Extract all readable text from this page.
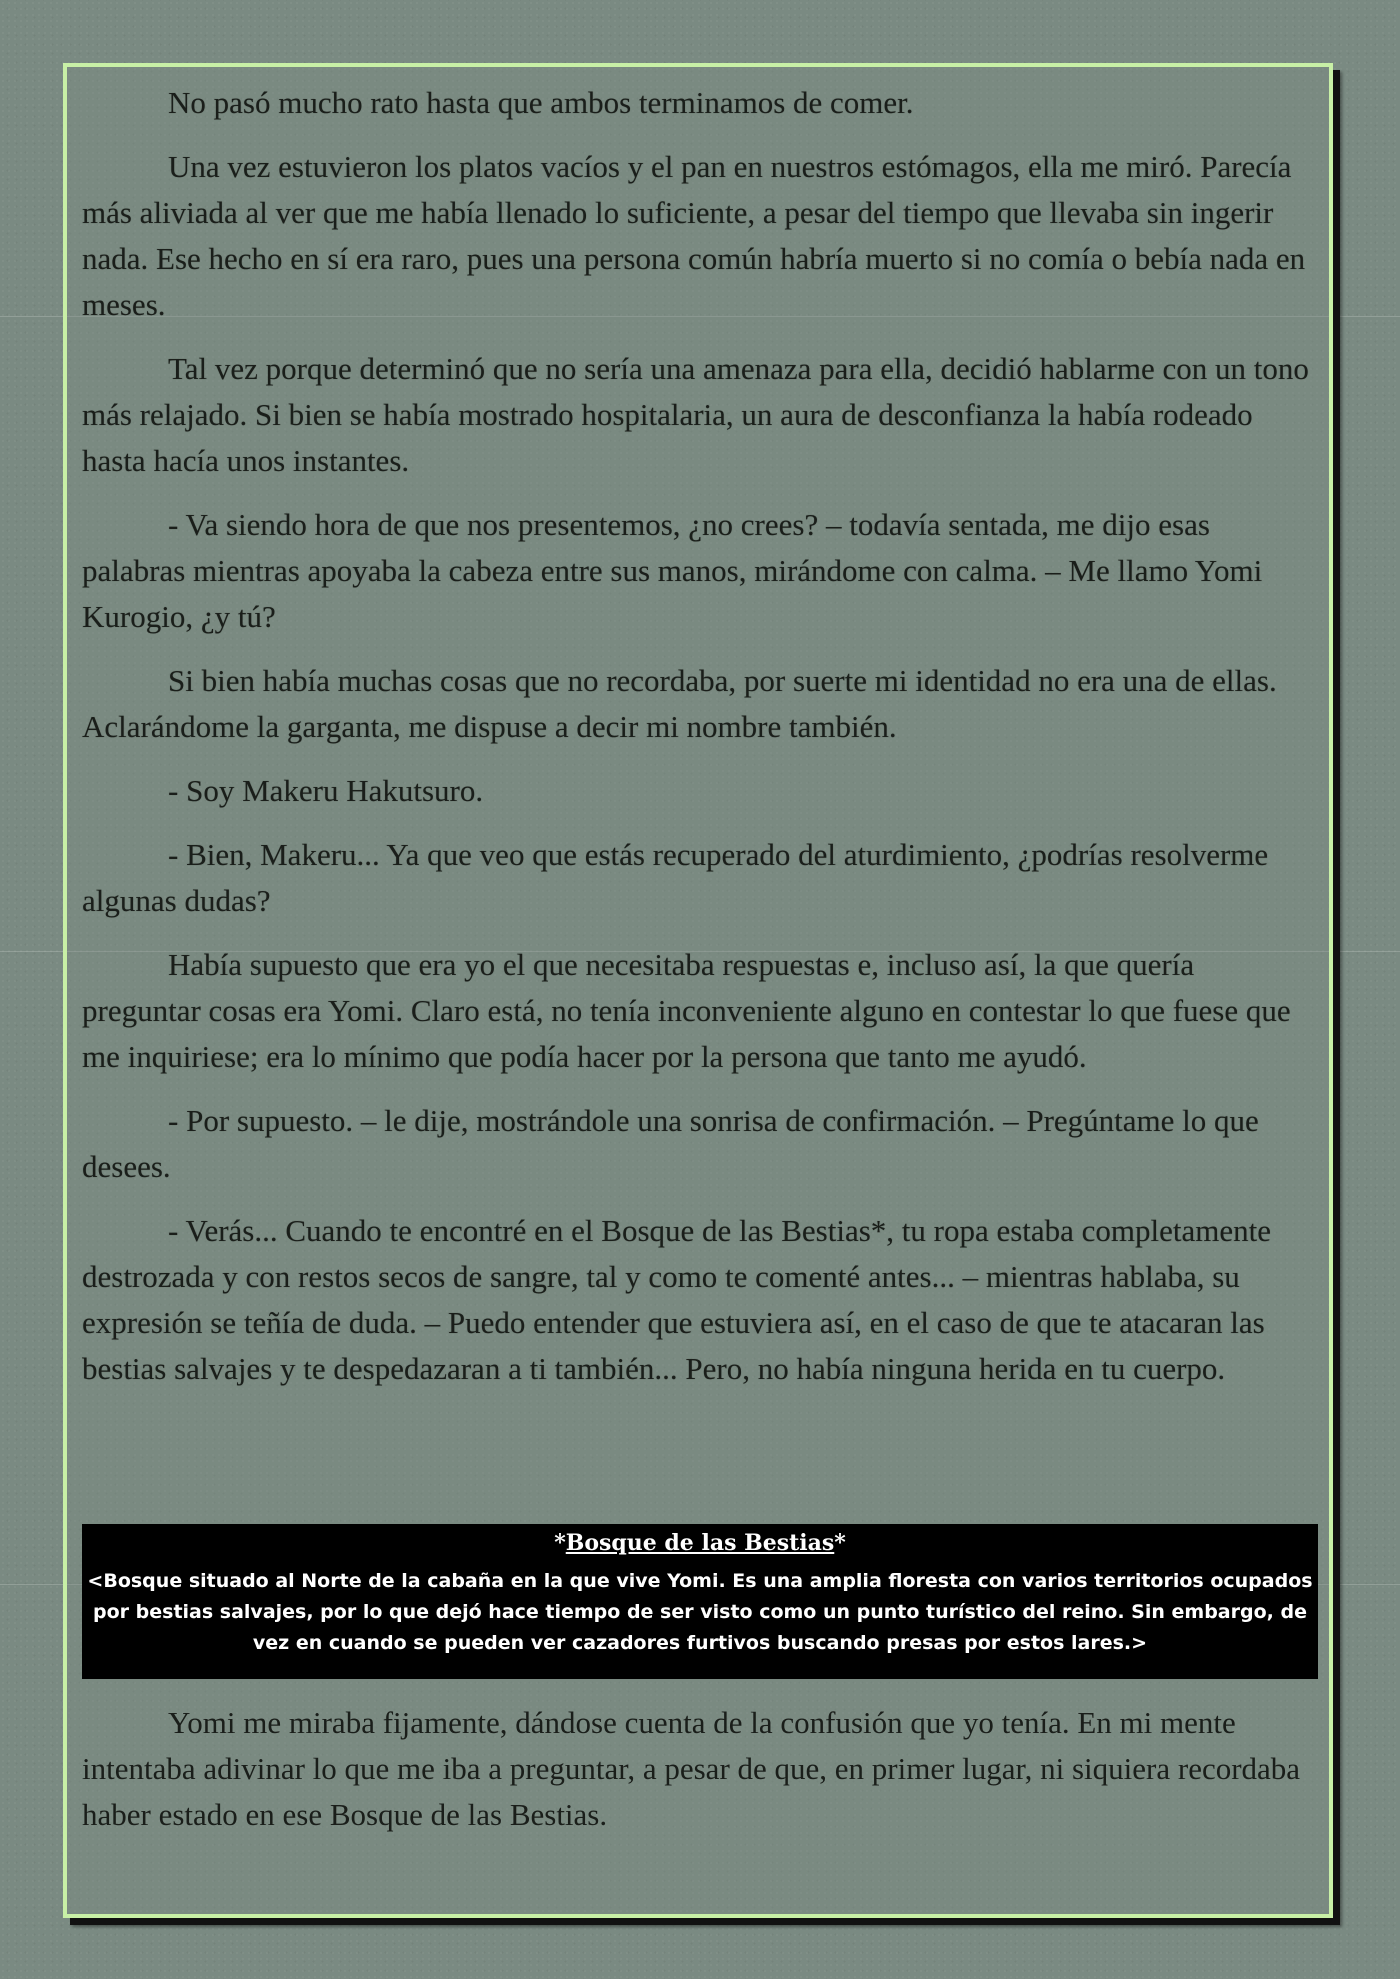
No pasó mucho rato hasta que ambos terminamos de comer.

Una vez estuvieron los platos vacíos y el pan en nuestros estómagos, ella me miró. Parecía más aliviada al ver que me había llenado lo suficiente, a pesar del tiempo que llevaba sin ingerir nada. Ese hecho en sí era raro, pues una persona común habría muerto si no comía o bebía nada en meses.

Tal vez porque determinó que no sería una amenaza para ella, decidió hablarme con un tono más relajado. Si bien se había mostrado hospitalaria, un aura de desconfianza la había rodeado hasta hacía unos instantes.

- Va siendo hora de que nos presentemos, ¿no crees? – todavía sentada, me dijo esas palabras mientras apoyaba la cabeza entre sus manos, mirándome con calma. – Me llamo Yomi Kurogio, ¿y tú?

Si bien había muchas cosas que no recordaba, por suerte mi identidad no era una de ellas. Aclarándome la garganta, me dispuse a decir mi nombre también.

- Soy Makeru Hakutsuro.

- Bien, Makeru... Ya que veo que estás recuperado del aturdimiento, ¿podrías resolverme algunas dudas?

Había supuesto que era yo el que necesitaba respuestas e, incluso así, la que quería preguntar cosas era Yomi. Claro está, no tenía inconveniente alguno en contestar lo que fuese que me inquiriese; era lo mínimo que podía hacer por la persona que tanto me ayudó.

- Por supuesto. – le dije, mostrándole una sonrisa de confirmación. – Pregúntame lo que desees.

- Verás... Cuando te encontré en el Bosque de las Bestias*, tu ropa estaba completamente destrozada y con restos secos de sangre, tal y como te comenté antes... – mientras hablaba, su expresión se teñía de duda. – Puedo entender que estuviera así, en el caso de que te atacaran las bestias salvajes y te despedazaran a ti también... Pero, no había ninguna herida en tu cuerpo.

*Bosque de las Bestias*
<Bosque situado al Norte de la cabaña en la que vive Yomi. Es una amplia floresta con varios territorios ocupados por bestias salvajes, por lo que dejó hace tiempo de ser visto como un punto turístico del reino. Sin embargo, de vez en cuando se pueden ver cazadores furtivos buscando presas por estos lares.>

Yomi me miraba fijamente, dándose cuenta de la confusión que yo tenía. En mi mente intentaba adivinar lo que me iba a preguntar, a pesar de que, en primer lugar, ni siquiera recordaba haber estado en ese Bosque de las Bestias.
